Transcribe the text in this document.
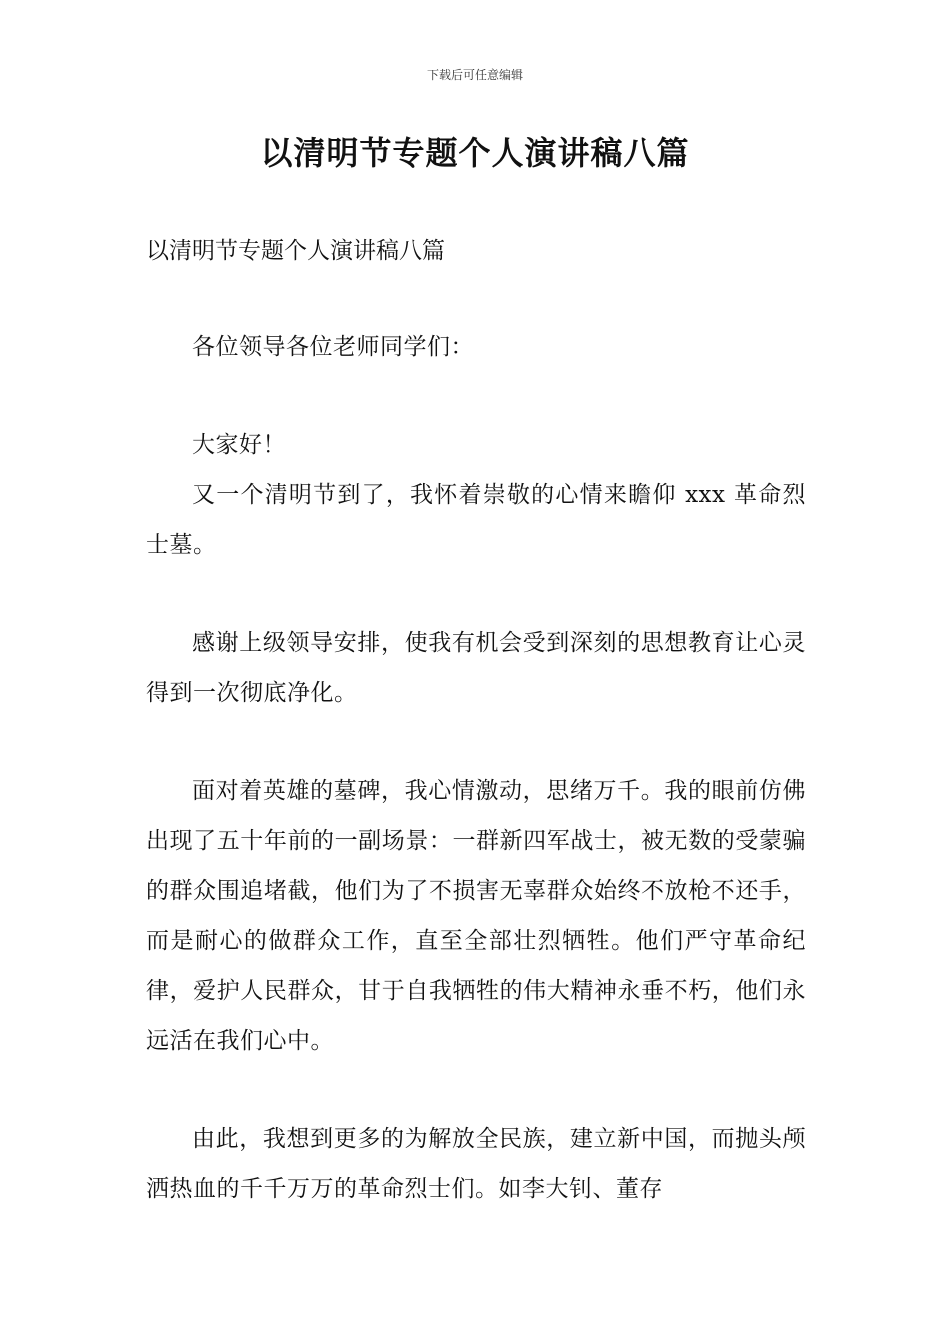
下载后可任意编辑
以清明节专题个人演讲稿八篇

以清明节专题个人演讲稿八篇

各位领导各位老师同学们：

大家好！

又一个清明节到了，我怀着崇敬的心情来瞻仰 xxx 革命烈士墓。

感谢上级领导安排，使我有机会受到深刻的思想教育让心灵得到一次彻底净化。

面对着英雄的墓碑，我心情激动，思绪万千。我的眼前仿佛出现了五十年前的一副场景：一群新四军战士，被无数的受蒙骗的群众围追堵截，他们为了不损害无辜群众始终不放枪不还手，而是耐心的做群众工作，直至全部壮烈牺牲。他们严守革命纪律，爱护人民群众，甘于自我牺牲的伟大精神永垂不朽，他们永远活在我们心中。

由此，我想到更多的为解放全民族，建立新中国，而抛头颅洒热血的千千万万的革命烈士们。如李大钊、董存
